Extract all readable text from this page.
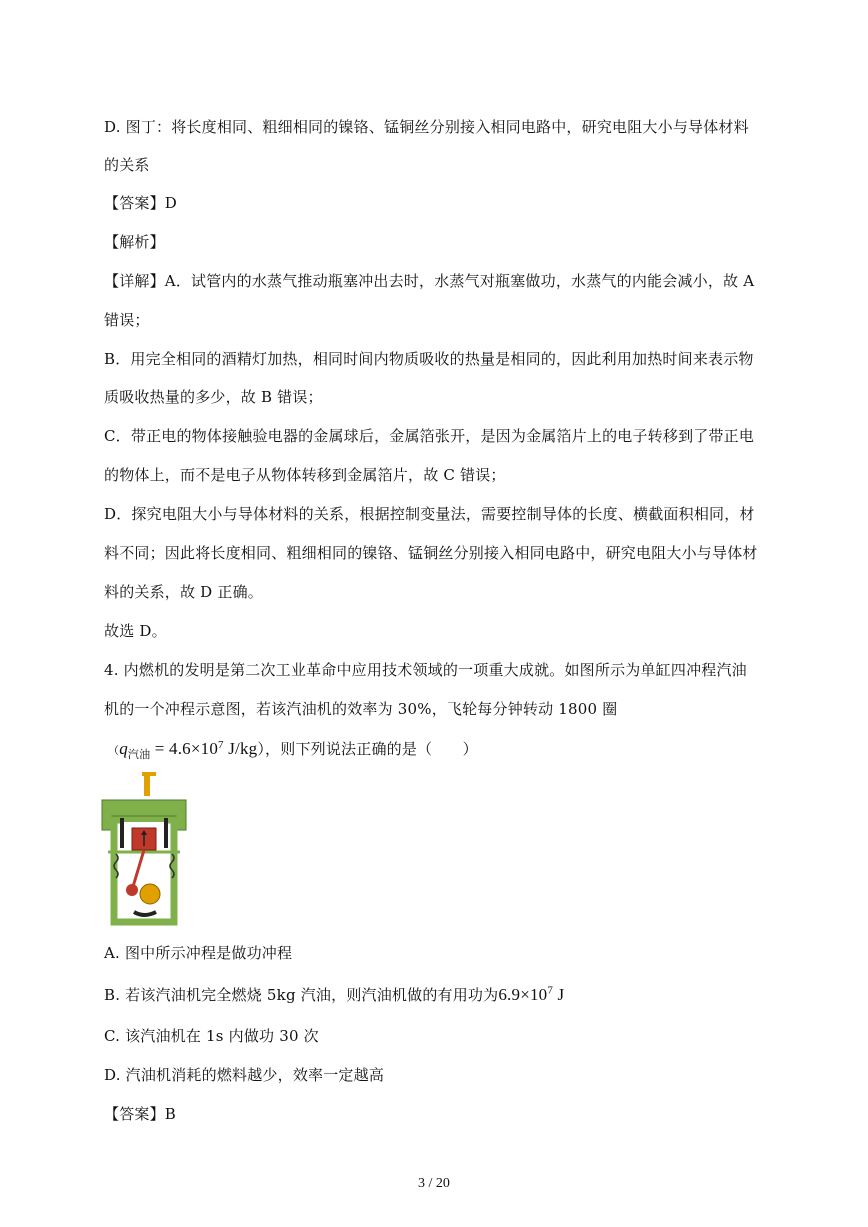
D. 图丁：将长度相同、粗细相同的镍铬、锰铜丝分别接入相同电路中，研究电阻大小与导体材料
的关系
【答案】D
【解析】
【详解】A．试管内的水蒸气推动瓶塞冲出去时，水蒸气对瓶塞做功，水蒸气的内能会减小，故 A
错误；
B．用完全相同的酒精灯加热，相同时间内物质吸收的热量是相同的，因此利用加热时间来表示物
质吸收热量的多少，故 B 错误；
C．带正电的物体接触验电器的金属球后，金属箔张开，是因为金属箔片上的电子转移到了带正电
的物体上，而不是电子从物体转移到金属箔片，故 C 错误；
D．探究电阻大小与导体材料的关系，根据控制变量法，需要控制导体的长度、横截面积相同，材
料不同；因此将长度相同、粗细相同的镍铬、锰铜丝分别接入相同电路中，研究电阻大小与导体材
料的关系，故 D 正确。
故选 D。
4. 内燃机的发明是第二次工业革命中应用技术领域的一项重大成就。如图所示为单缸四冲程汽油
机的一个冲程示意图，若该汽油机的效率为 30%，飞轮每分钟转动 1800 圈
（$q_{汽油} = 4.6\times 10^7$ J/kg），则下列说法正确的是（　　）
A. 图中所示冲程是做功冲程
B. 若该汽油机完全燃烧 5kg 汽油，则汽油机做的有用功为$6.9\times 10^7$ J
C. 该汽油机在 1s 内做功 30 次
D. 汽油机消耗的燃料越少，效率一定越高
【答案】B
3 / 20
